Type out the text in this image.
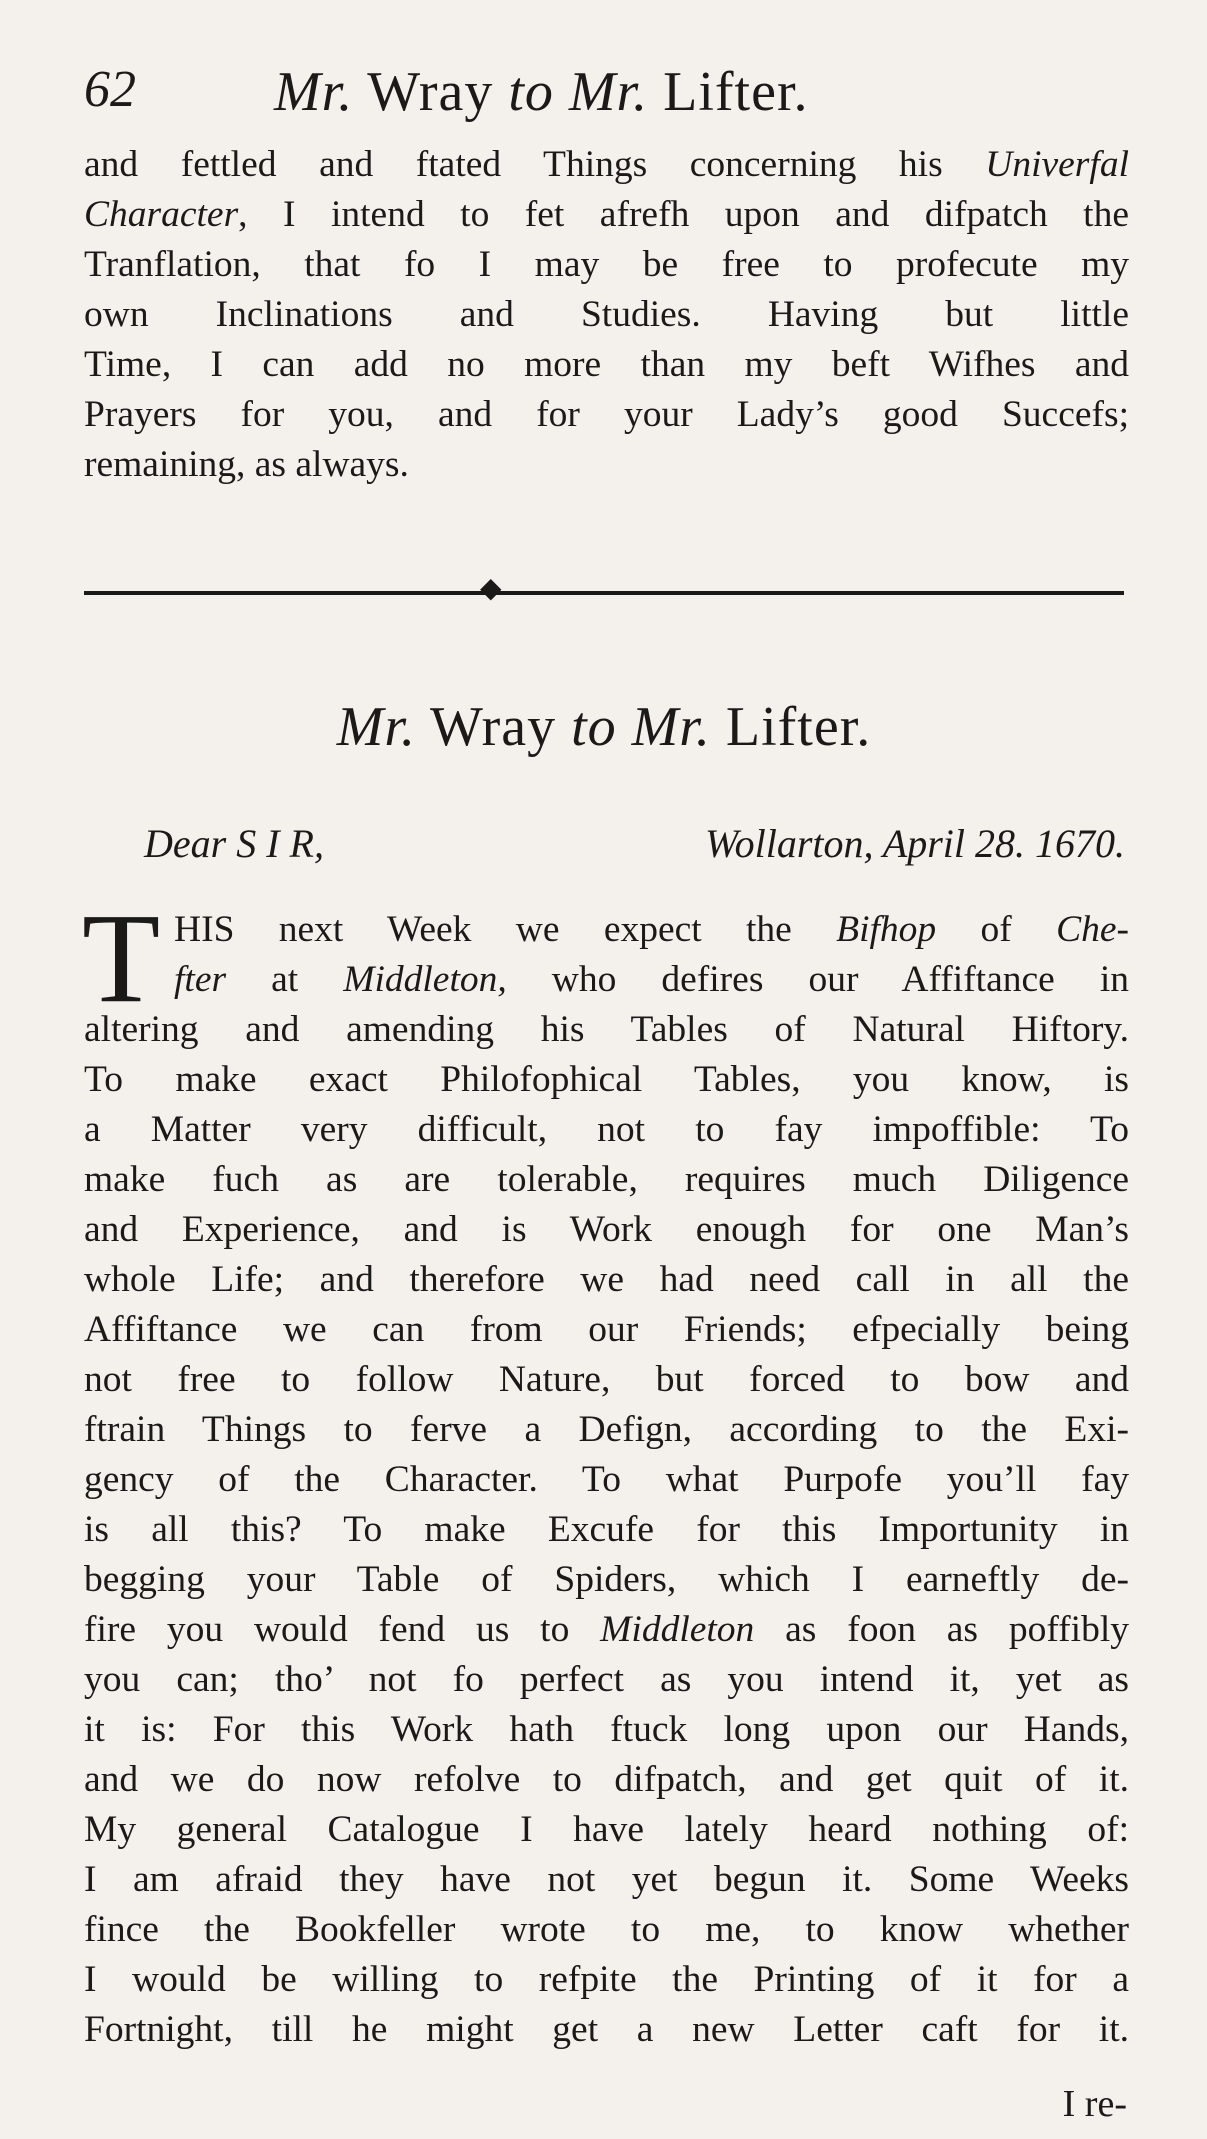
62 Mr. Wray to Mr. Lifter.
and fettled and ftated Things concerning his Univerfal
Character, I intend to fet afrefh upon and difpatch the
Tranflation, that fo I may be free to profecute my
own Inclinations and Studies. Having but little
Time, I can add no more than my beft Wifhes and
Prayers for you, and for your Lady’s good Succefs;
remaining, as always.
◆
Mr. Wray to Mr. Lifter.
Dear S I R,	Wollarton, April 28. 1670.
T HIS next Week we expect the Bifhop of Che-
fter at Middleton, who defires our Affiftance in
altering and amending his Tables of Natural Hiftory.
To make exact Philofophical Tables, you know, is
a Matter very difficult, not to fay impoffible: To
make fuch as are tolerable, requires much Diligence
and Experience, and is Work enough for one Man’s
whole Life; and therefore we had need call in all the
Affiftance we can from our Friends; efpecially being
not free to follow Nature, but forced to bow and
ftrain Things to ferve a Defign, according to the Exi-
gency of the Character. To what Purpofe you’ll fay
is all this? To make Excufe for this Importunity in
begging your Table of Spiders, which I earneftly de-
fire you would fend us to Middleton as foon as poffibly
you can; tho’ not fo perfect as you intend it, yet as
it is: For this Work hath ftuck long upon our Hands,
and we do now refolve to difpatch, and get quit of it.
My general Catalogue I have lately heard nothing of:
I am afraid they have not yet begun it. Some Weeks
fince the Bookfeller wrote to me, to know whether
I would be willing to refpite the Printing of it for a
Fortnight, till he might get a new Letter caft for it.
I re-
